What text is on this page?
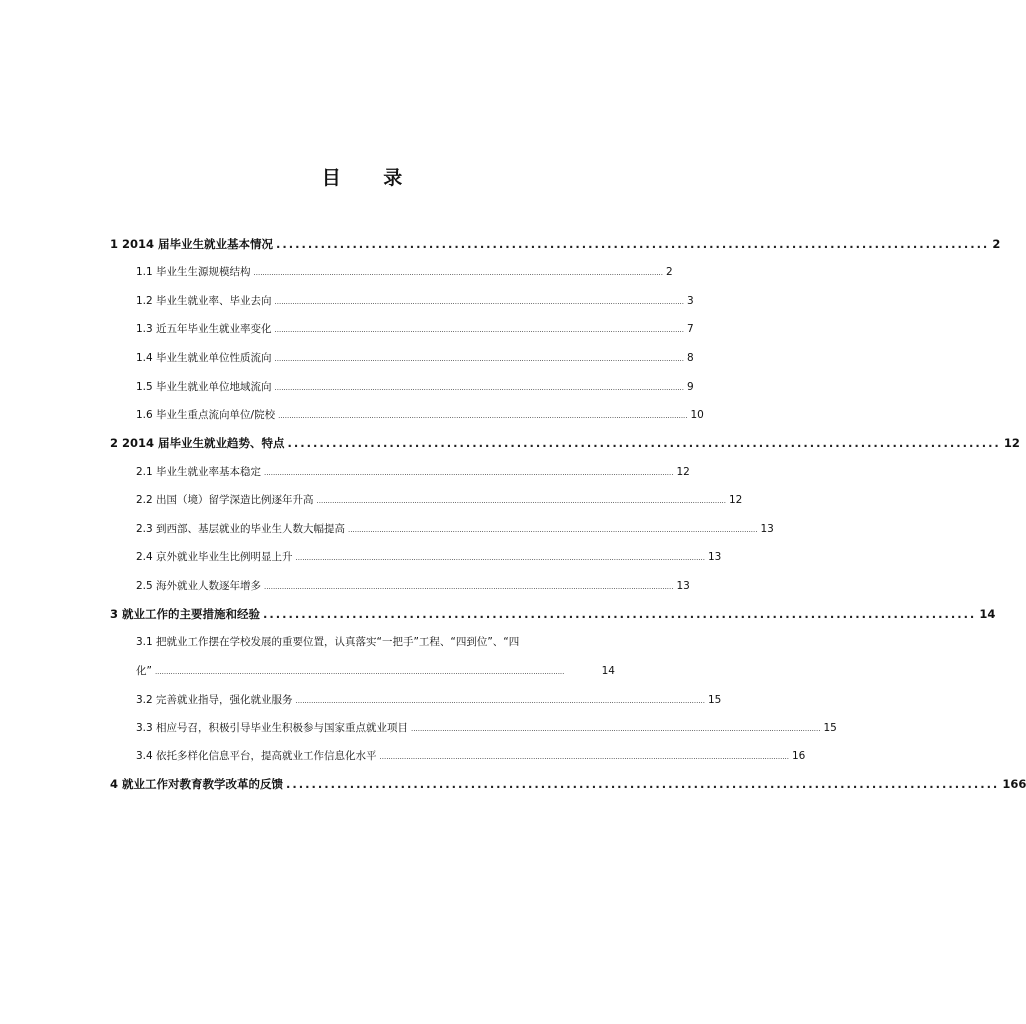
目 录
1 2014 届毕业生就业基本情况 ................................................................................................................ 2
1.1 毕业生生源规模结构 ........................................................................................................................................................................................ 2
1.2 毕业生就业率、毕业去向 ........................................................................................................................................................................................ 3
1.3 近五年毕业生就业率变化 ........................................................................................................................................................................................ 7
1.4 毕业生就业单位性质流向 ........................................................................................................................................................................................ 8
1.5 毕业生就业单位地域流向 ........................................................................................................................................................................................ 9
1.6 毕业生重点流向单位/院校 ........................................................................................................................................................................................ 10
2 2014 届毕业生就业趋势、特点 ................................................................................................................ 12
2.1 毕业生就业率基本稳定 ........................................................................................................................................................................................ 12
2.2 出国（境）留学深造比例逐年升高 ........................................................................................................................................................................................ 12
2.3 到西部、基层就业的毕业生人数大幅提高 ........................................................................................................................................................................................ 13
2.4 京外就业毕业生比例明显上升 ........................................................................................................................................................................................ 13
2.5 海外就业人数逐年增多 ........................................................................................................................................................................................ 13
3 就业工作的主要措施和经验 ................................................................................................................ 14
3.1 把就业工作摆在学校发展的重要位置，认真落实“一把手”工程、“四到位”、“四
化” ........................................................................................................................................................................................	14
3.2 完善就业指导，强化就业服务 ........................................................................................................................................................................................ 15
3.3 相应号召，积极引导毕业生积极参与国家重点就业项目 ........................................................................................................................................................................................ 15
3.4 依托多样化信息平台，提高就业工作信息化水平 ........................................................................................................................................................................................ 16
4 就业工作对教育教学改革的反馈 ................................................................................................................ 166
